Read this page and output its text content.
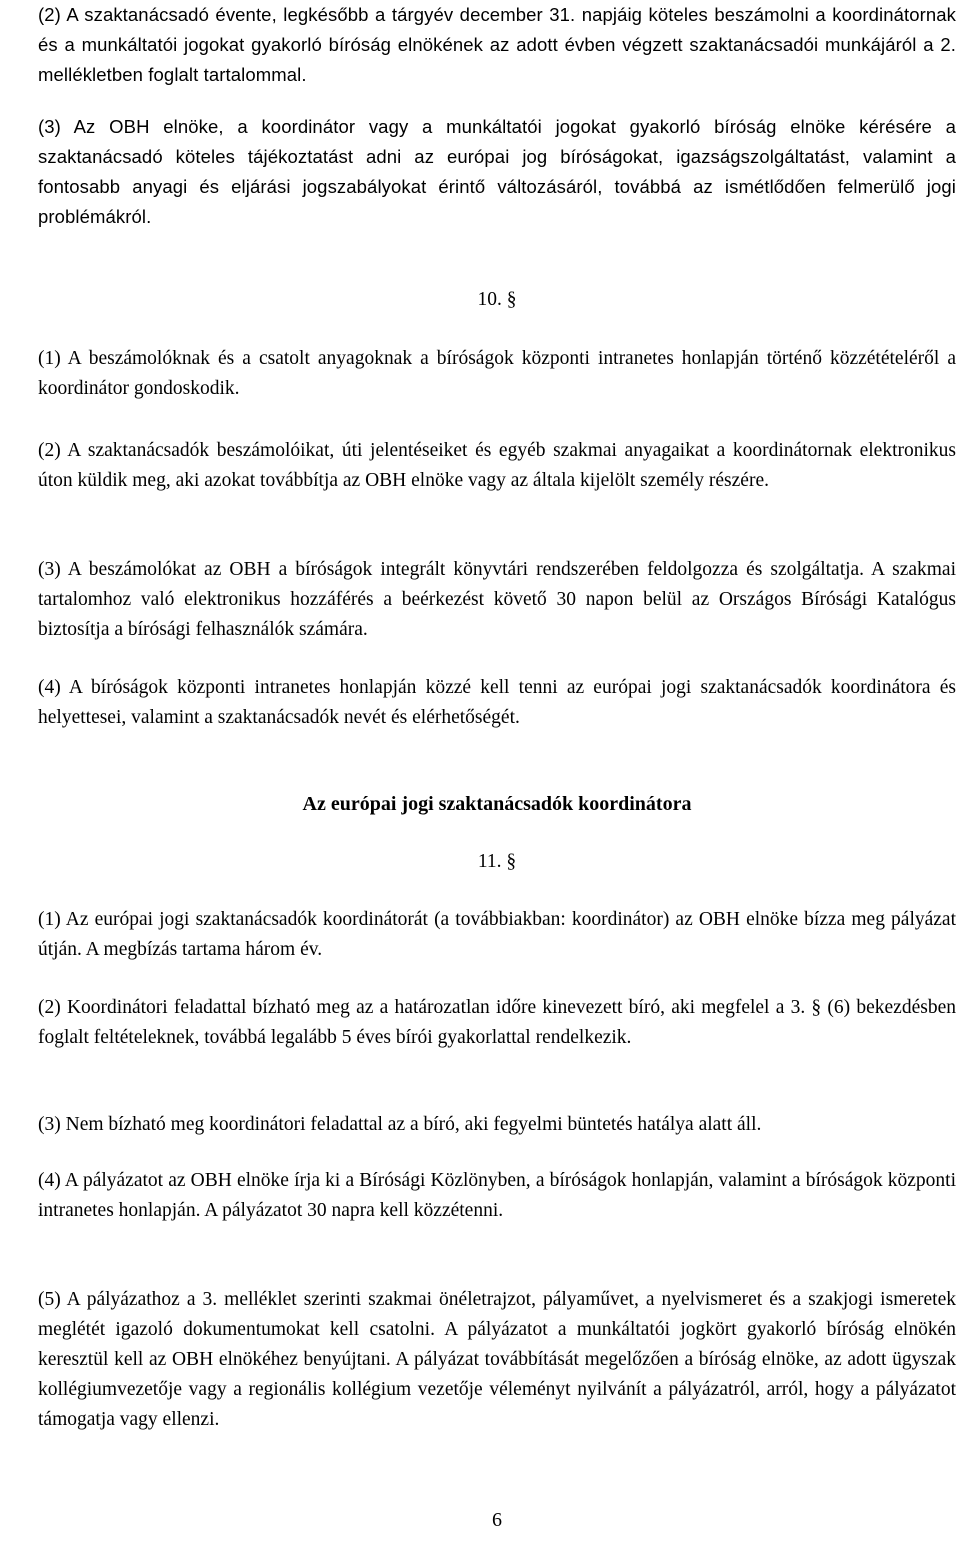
(2) A szaktanácsadó évente, legkésőbb a tárgyév december 31. napjáig köteles beszámolni a koordinátornak és a munkáltatói jogokat gyakorló bíróság elnökének az adott évben végzett szaktanácsadói munkájáról a 2. mellékletben foglalt tartalommal.

(3) Az OBH elnöke, a koordinátor vagy a munkáltatói jogokat gyakorló bíróság elnöke kérésére a szaktanácsadó köteles tájékoztatást adni az európai jog bíróságokat, igazságszolgáltatást, valamint a fontosabb anyagi és eljárási jogszabályokat érintő változásáról, továbbá az ismétlődően felmerülő jogi problémákról.

10. §

(1) A beszámolóknak és a csatolt anyagoknak a bíróságok központi intranetes honlapján történő közzétételéről a koordinátor gondoskodik.

(2) A szaktanácsadók beszámolóikat, úti jelentéseiket és egyéb szakmai anyagaikat a koordinátornak elektronikus úton küldik meg, aki azokat továbbítja az OBH elnöke vagy az általa kijelölt személy részére.

(3) A beszámolókat az OBH a bíróságok integrált könyvtári rendszerében feldolgozza és szolgáltatja. A szakmai tartalomhoz való elektronikus hozzáférés a beérkezést követő 30 napon belül az Országos Bírósági Katalógus biztosítja a bírósági felhasználók számára.

(4) A bíróságok központi intranetes honlapján közzé kell tenni az európai jogi szaktanácsadók koordinátora és helyettesei, valamint a szaktanácsadók nevét és elérhetőségét.

Az európai jogi szaktanácsadók koordinátora
11. §

(1) Az európai jogi szaktanácsadók koordinátorát (a továbbiakban: koordinátor) az OBH elnöke bízza meg pályázat útján. A megbízás tartama három év.

(2) Koordinátori feladattal bízható meg az a határozatlan időre kinevezett bíró, aki megfelel a 3. § (6) bekezdésben foglalt feltételeknek, továbbá legalább 5 éves bírói gyakorlattal rendelkezik.

(3) Nem bízható meg koordinátori feladattal az a bíró, aki fegyelmi büntetés hatálya alatt áll.

(4) A pályázatot az OBH elnöke írja ki a Bírósági Közlönyben, a bíróságok honlapján, valamint a bíróságok központi intranetes honlapján. A pályázatot 30 napra kell közzétenni.

(5) A pályázathoz a 3. melléklet szerinti szakmai önéletrajzot, pályaművet, a nyelvismeret és a szakjogi ismeretek meglétét igazoló dokumentumokat kell csatolni. A pályázatot a munkáltatói jogkört gyakorló bíróság elnökén keresztül kell az OBH elnökéhez benyújtani. A pályázat továbbítását megelőzően a bíróság elnöke, az adott ügyszak kollégiumvezetője vagy a regionális kollégium vezetője véleményt nyilvánít a pályázatról, arról, hogy a pályázatot támogatja vagy ellenzi.

6
